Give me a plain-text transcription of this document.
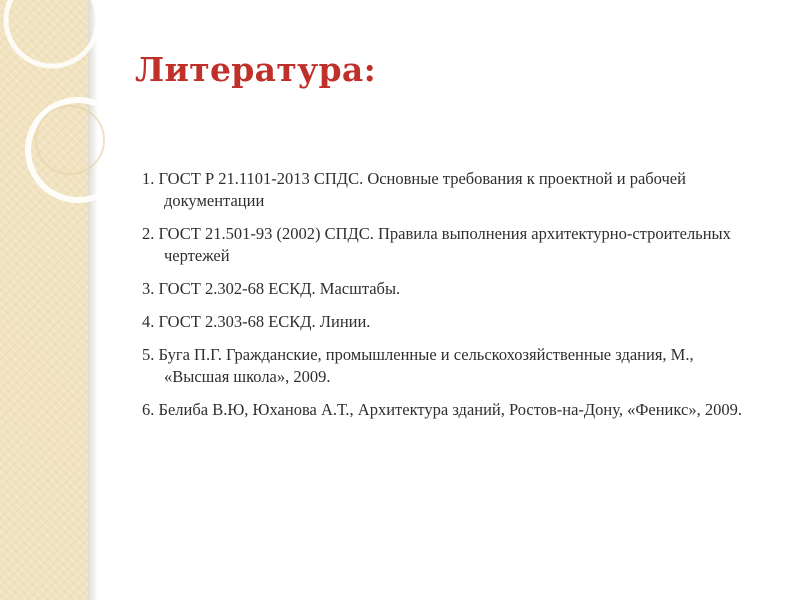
Литература:
1. ГОСТ Р 21.1101-2013 СПДС. Основные требования к проектной и рабочей документации
2. ГОСТ 21.501-93 (2002) СПДС. Правила выполнения архитектурно-строительных чертежей
3. ГОСТ 2.302-68 ЕСКД. Масштабы.
4. ГОСТ 2.303-68 ЕСКД. Линии.
5. Буга П.Г. Гражданские, промышленные и сельскохозяйственные здания, М., «Высшая школа», 2009.
6. Белиба В.Ю, Юханова А.Т., Архитектура зданий, Ростов-на-Дону, «Феникс», 2009.
